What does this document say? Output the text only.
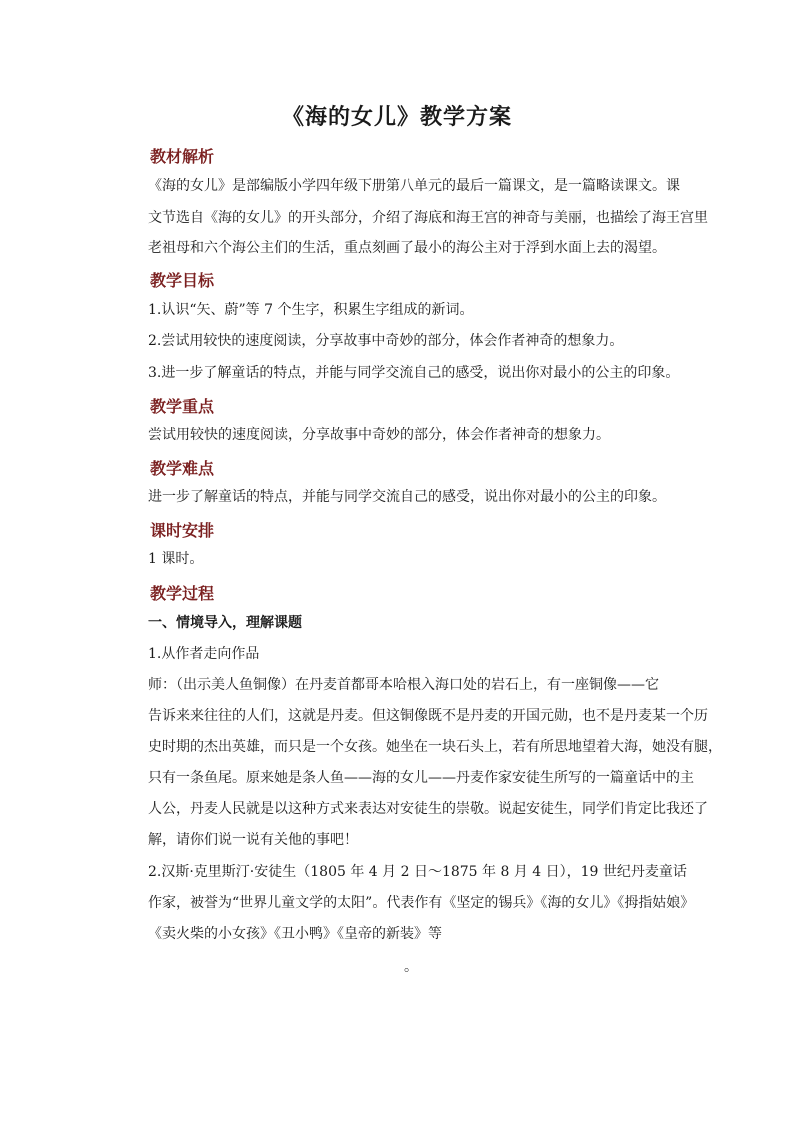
《海的女儿》教学方案
教材解析
《海的女儿》是部编版小学四年级下册第八单元的最后一篇课文，是一篇略读课文。课
文节选自《海的女儿》的开头部分，介绍了海底和海王宫的神奇与美丽，也描绘了海王宫里
老祖母和六个海公主们的生活，重点刻画了最小的海公主对于浮到水面上去的渴望。
教学目标
1.认识“矢、蔚”等 7 个生字，积累生字组成的新词。
2.尝试用较快的速度阅读，分享故事中奇妙的部分，体会作者神奇的想象力。
3.进一步了解童话的特点，并能与同学交流自己的感受，说出你对最小的公主的印象。
教学重点
尝试用较快的速度阅读，分享故事中奇妙的部分，体会作者神奇的想象力。
教学难点
进一步了解童话的特点，并能与同学交流自己的感受，说出你对最小的公主的印象。
课时安排
1 课时。
教学过程
一、情境导入，理解课题
1.从作者走向作品
师：（出示美人鱼铜像）在丹麦首都哥本哈根入海口处的岩石上，有一座铜像——它
告诉来来往往的人们，这就是丹麦。但这铜像既不是丹麦的开国元勋，也不是丹麦某一个历
史时期的杰出英雄，而只是一个女孩。她坐在一块石头上，若有所思地望着大海，她没有腿，
只有一条鱼尾。原来她是条人鱼——海的女儿——丹麦作家安徒生所写的一篇童话中的主
人公，丹麦人民就是以这种方式来表达对安徒生的崇敬。说起安徒生，同学们肯定比我还了
解，请你们说一说有关他的事吧！
2.汉斯·克里斯汀·安徒生（1805 年 4 月 2 日～1875 年 8 月 4 日），19 世纪丹麦童话
作家，被誉为“世界儿童文学的太阳”。代表作有《坚定的锡兵》《海的女儿》《拇指姑娘》
《卖火柴的小女孩》《丑小鸭》《皇帝的新装》等
。
